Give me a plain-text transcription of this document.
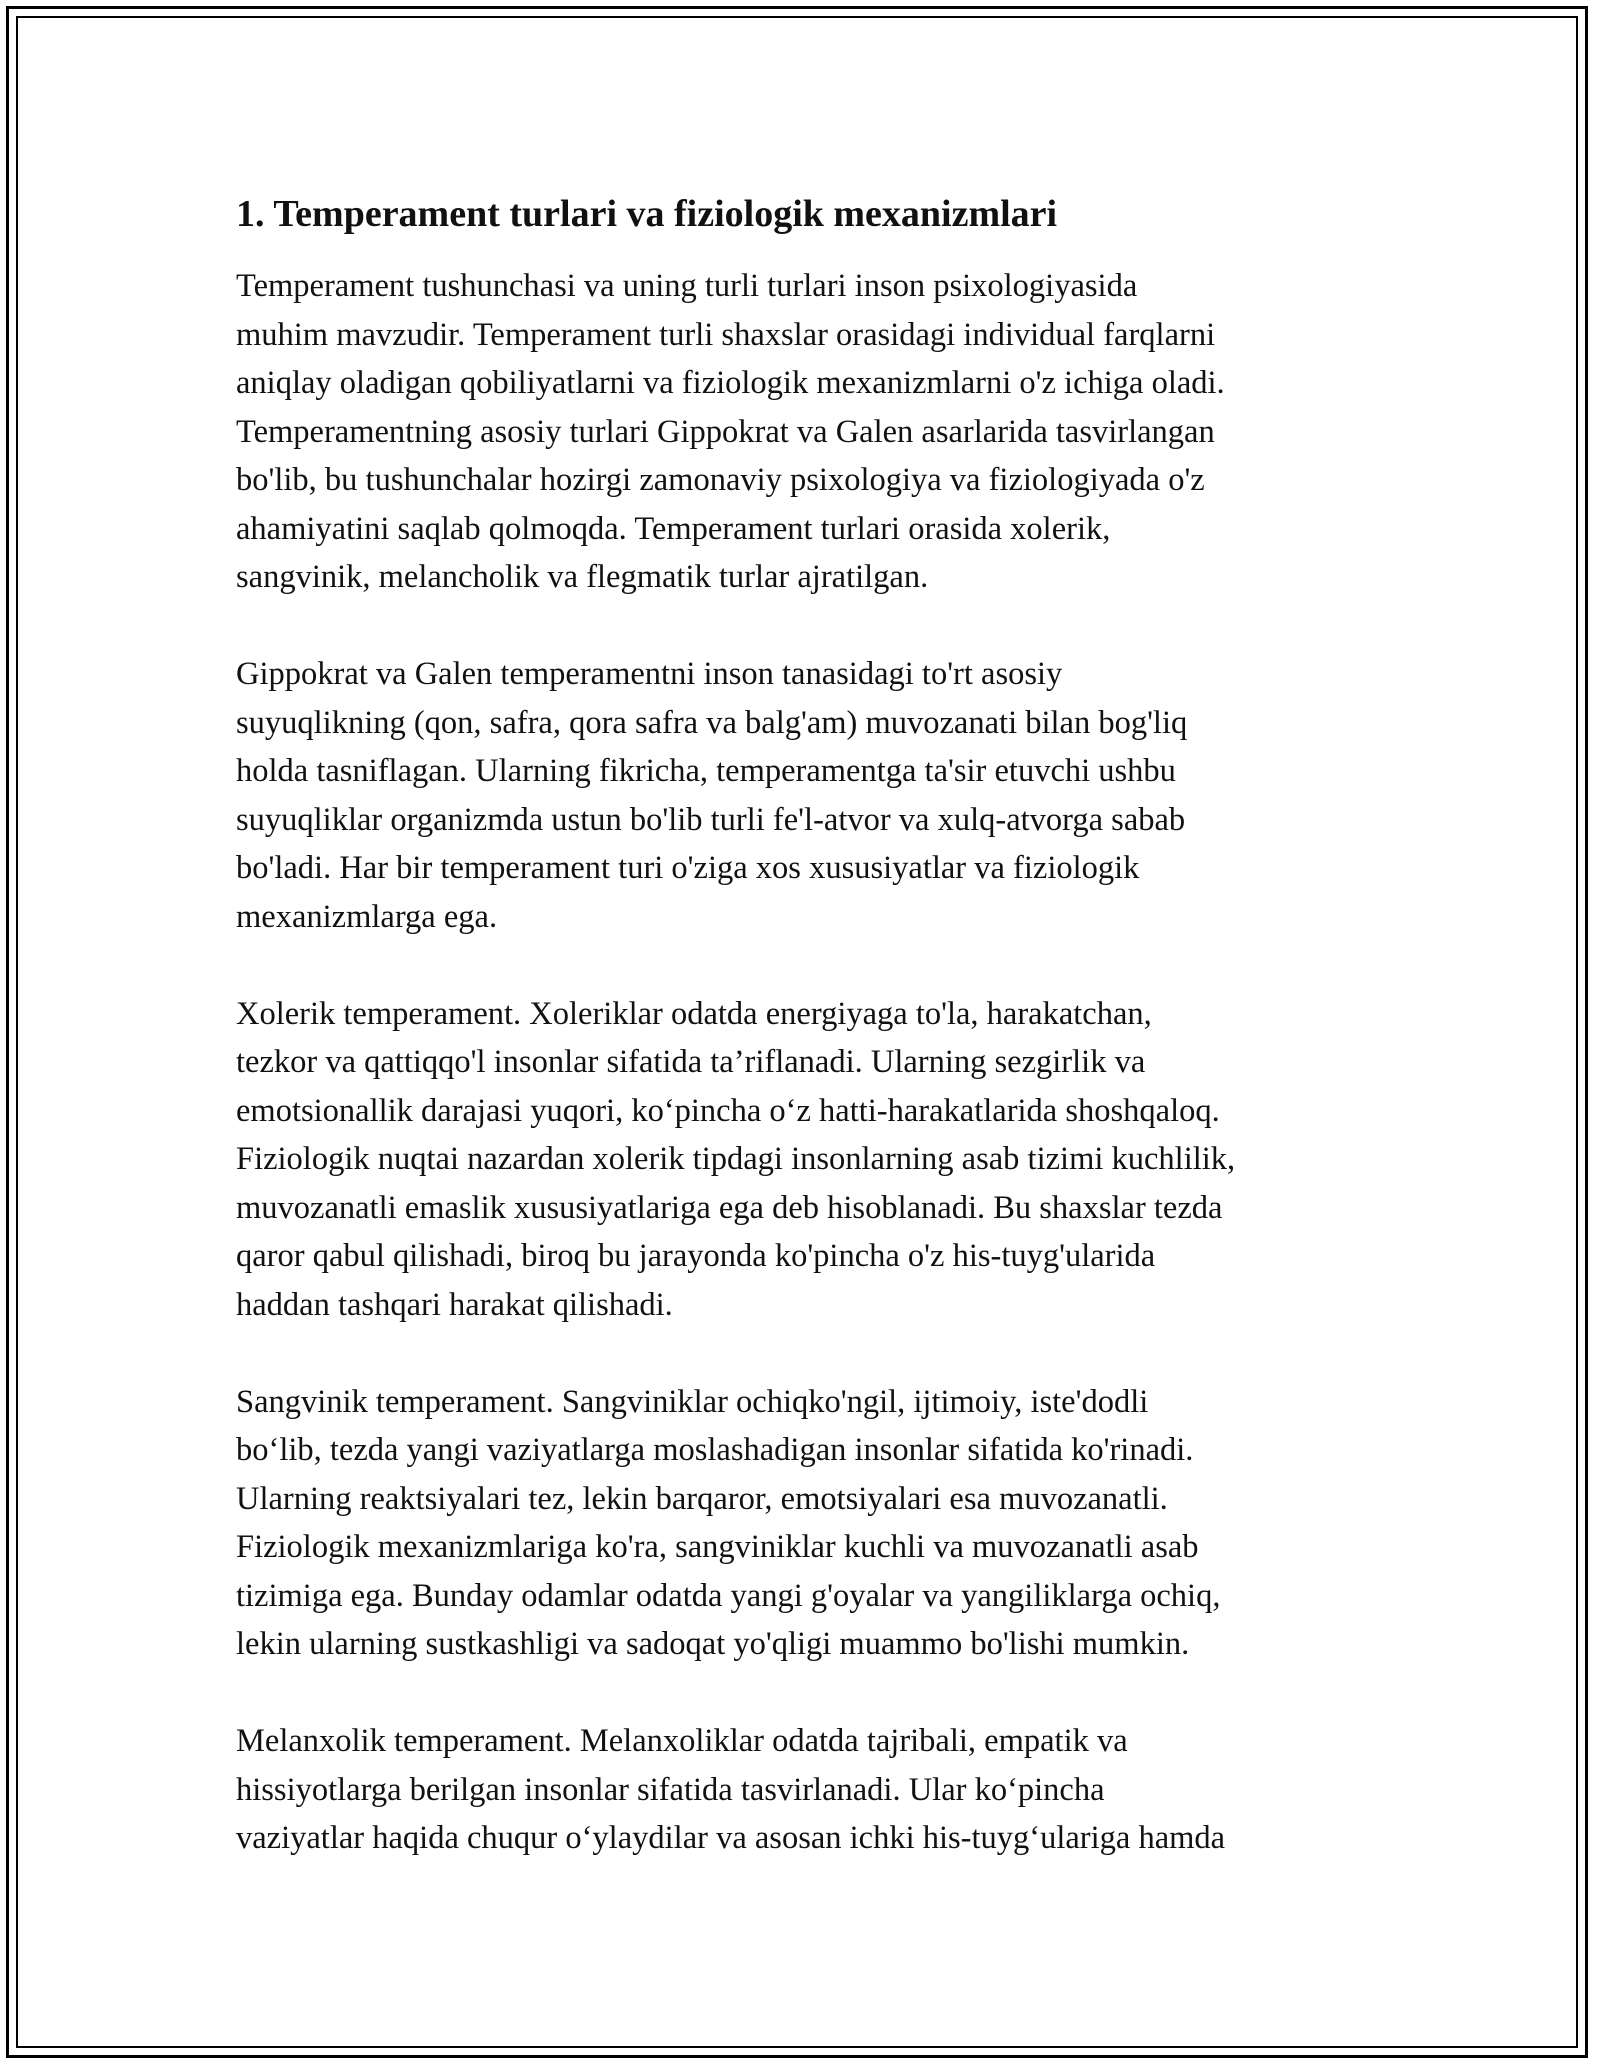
1. Temperament turlari va fiziologik mexanizmlari

Temperament tushunchasi va uning turli turlari inson psixologiyasida
muhim mavzudir. Temperament turli shaxslar orasidagi individual farqlarni
aniqlay oladigan qobiliyatlarni va fiziologik mexanizmlarni o'z ichiga oladi.
Temperamentning asosiy turlari Gippokrat va Galen asarlarida tasvirlangan
bo'lib, bu tushunchalar hozirgi zamonaviy psixologiya va fiziologiyada o'z
ahamiyatini saqlab qolmoqda. Temperament turlari orasida xolerik,
sangvinik, melancholik va flegmatik turlar ajratilgan.

Gippokrat va Galen temperamentni inson tanasidagi to'rt asosiy
suyuqlikning (qon, safra, qora safra va balg'am) muvozanati bilan bog'liq
holda tasniflagan. Ularning fikricha, temperamentga ta'sir etuvchi ushbu
suyuqliklar organizmda ustun bo'lib turli fe'l-atvor va xulq-atvorga sabab
bo'ladi. Har bir temperament turi o'ziga xos xususiyatlar va fiziologik
mexanizmlarga ega.

Xolerik temperament. Xoleriklar odatda energiyaga to'la, harakatchan,
tezkor va qattiqqo'l insonlar sifatida ta’riflanadi. Ularning sezgirlik va
emotsionallik darajasi yuqori, ko‘pincha o‘z hatti-harakatlarida shoshqaloq.
Fiziologik nuqtai nazardan xolerik tipdagi insonlarning asab tizimi kuchlilik,
muvozanatli emaslik xususiyatlariga ega deb hisoblanadi. Bu shaxslar tezda
qaror qabul qilishadi, biroq bu jarayonda ko'pincha o'z his-tuyg'ularida
haddan tashqari harakat qilishadi.

Sangvinik temperament. Sangviniklar ochiqko'ngil, ijtimoiy, iste'dodli
bo‘lib, tezda yangi vaziyatlarga moslashadigan insonlar sifatida ko'rinadi.
Ularning reaktsiyalari tez, lekin barqaror, emotsiyalari esa muvozanatli.
Fiziologik mexanizmlariga ko'ra, sangviniklar kuchli va muvozanatli asab
tizimiga ega. Bunday odamlar odatda yangi g'oyalar va yangiliklarga ochiq,
lekin ularning sustkashligi va sadoqat yo'qligi muammo bo'lishi mumkin.

Melanxolik temperament. Melanxoliklar odatda tajribali, empatik va
hissiyotlarga berilgan insonlar sifatida tasvirlanadi. Ular ko‘pincha
vaziyatlar haqida chuqur o‘ylaydilar va asosan ichki his-tuyg‘ulariga hamda
